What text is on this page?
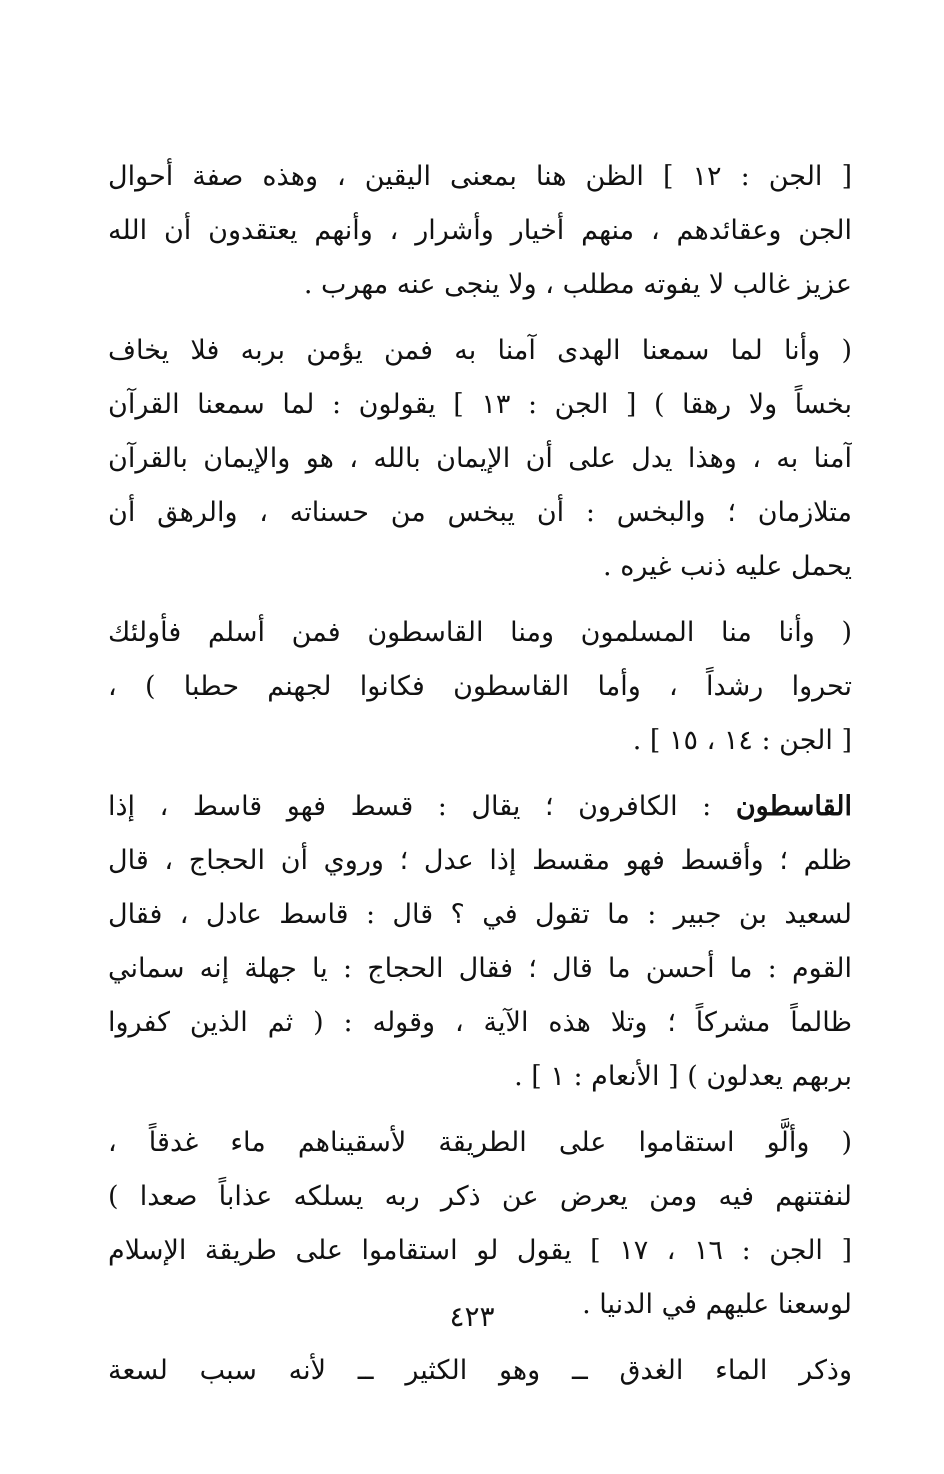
[ الجن : ١٢ ] الظن هنا بمعنى اليقين ، وهذه صفة أحوال
الجن وعقائدهم ، منهم أخيار وأشرار ، وأنهم يعتقدون أن الله
عزيز غالب لا يفوته مطلب ، ولا ينجى عنه مهرب .
( وأنا لما سمعنا الهدى آمنا به فمن يؤمن بربه فلا يخاف
بخساً ولا رهقا ) [ الجن : ١٣ ] يقولون : لما سمعنا القرآن
آمنا به ، وهذا يدل على أن الإيمان بالله ، هو والإيمان بالقرآن
متلازمان ؛ والبخس : أن يبخس من حسناته ، والرهق أن
يحمل عليه ذنب غيره .
( وأنا منا المسلمون ومنا القاسطون فمن أسلم فأولئك
تحروا رشداً ، وأما القاسطون فكانوا لجهنم حطبا ) ،
[ الجن : ١٤ ، ١٥ ] .
القاسطون : الكافرون ؛ يقال : قسط فهو قاسط ، إذا
ظلم ؛ وأقسط فهو مقسط إذا عدل ؛ وروي أن الحجاج ، قال
لسعيد بن جبير : ما تقول في ؟ قال : قاسط عادل ، فقال
القوم : ما أحسن ما قال ؛ فقال الحجاج : يا جهلة إنه سماني
ظالماً مشركاً ؛ وتلا هذه الآية ، وقوله : ( ثم الذين كفروا
بربهم يعدلون ) [ الأنعام : ١ ] .
( وألَّو استقاموا على الطريقة لأسقيناهم ماء غدقاً ،
لنفتنهم فيه ومن يعرض عن ذكر ربه يسلكه عذاباً صعدا )
[ الجن : ١٦ ، ١٧ ] يقول لو استقاموا على طريقة الإسلام
لوسعنا عليهم في الدنيا .
وذكر الماء الغدق ــ وهو الكثير ــ لأنه سبب لسعة
٤٢٣
